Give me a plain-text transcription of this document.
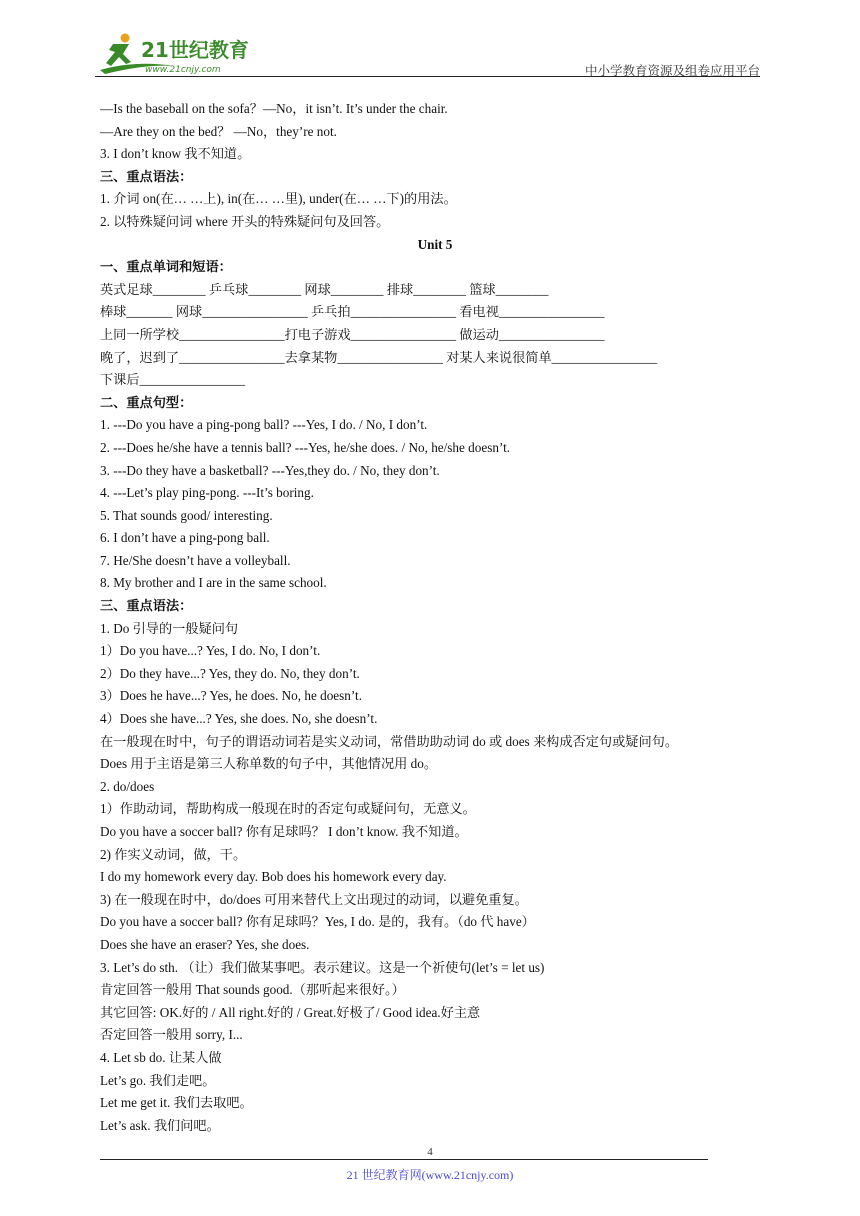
21世纪教育
www.21cnjy.com	中小学教育资源及组卷应用平台
—Is the baseball on the sofa？—No，it isn’t. It’s under the chair.
—Are they on the bed？ —No，they’re not.
3. I don’t know 我不知道。
三、重点语法：
1. 介词 on(在… …上), in(在… …里), under(在… …下)的用法。
2. 以特殊疑问词 where 开头的特殊疑问句及回答。
Unit 5
一、重点单词和短语：
英式足球________ 乒乓球________ 网球________ 排球________ 篮球________
棒球_______ 网球________________ 乒乓拍________________ 看电视________________
上同一所学校________________打电子游戏________________ 做运动________________
晚了，迟到了________________去拿某物________________ 对某人来说很简单________________
下课后________________
二、重点句型：
1. ---Do you have a ping-pong ball? ---Yes, I do. / No, I don’t.
2. ---Does he/she have a tennis ball? ---Yes, he/she does. / No, he/she doesn’t.
3. ---Do they have a basketball? ---Yes,they do. / No, they don’t.
4. ---Let’s play ping-pong. ---It’s boring.
5. That sounds good/ interesting.
6. I don’t have a ping-pong ball.
7. He/She doesn’t have a volleyball.
8. My brother and I are in the same school.
三、重点语法：
1. Do 引导的一般疑问句
1）Do you have...? Yes, I do. No, I don’t.
2）Do they have...? Yes, they do. No, they don’t.
3）Does he have...? Yes, he does. No, he doesn’t.
4）Does she have...? Yes, she does. No, she doesn’t.
在一般现在时中，句子的谓语动词若是实义动词，常借助助动词 do 或 does 来构成否定句或疑问句。
Does 用于主语是第三人称单数的句子中，其他情况用 do。
2. do/does
1）作助动词，帮助构成一般现在时的否定句或疑问句，无意义。
Do you have a soccer ball? 你有足球吗？ I don’t know. 我不知道。
2) 作实义动词，做，干。
I do my homework every day. Bob does his homework every day.
3) 在一般现在时中，do/does 可用来替代上文出现过的动词，以避免重复。
Do you have a soccer ball? 你有足球吗？Yes, I do. 是的，我有。（do 代 have）
Does she have an eraser? Yes, she does.
3. Let’s do sth. （让）我们做某事吧。表示建议。这是一个祈使句(let’s = let us)
肯定回答一般用 That sounds good.（那听起来很好。）
其它回答: OK.好的 / All right.好的 / Great.好极了/ Good idea.好主意
否定回答一般用 sorry, I...
4. Let sb do. 让某人做
Let’s go. 我们走吧。
Let me get it. 我们去取吧。
Let’s ask. 我们问吧。
4
21 世纪教育网(www.21cnjy.com)
